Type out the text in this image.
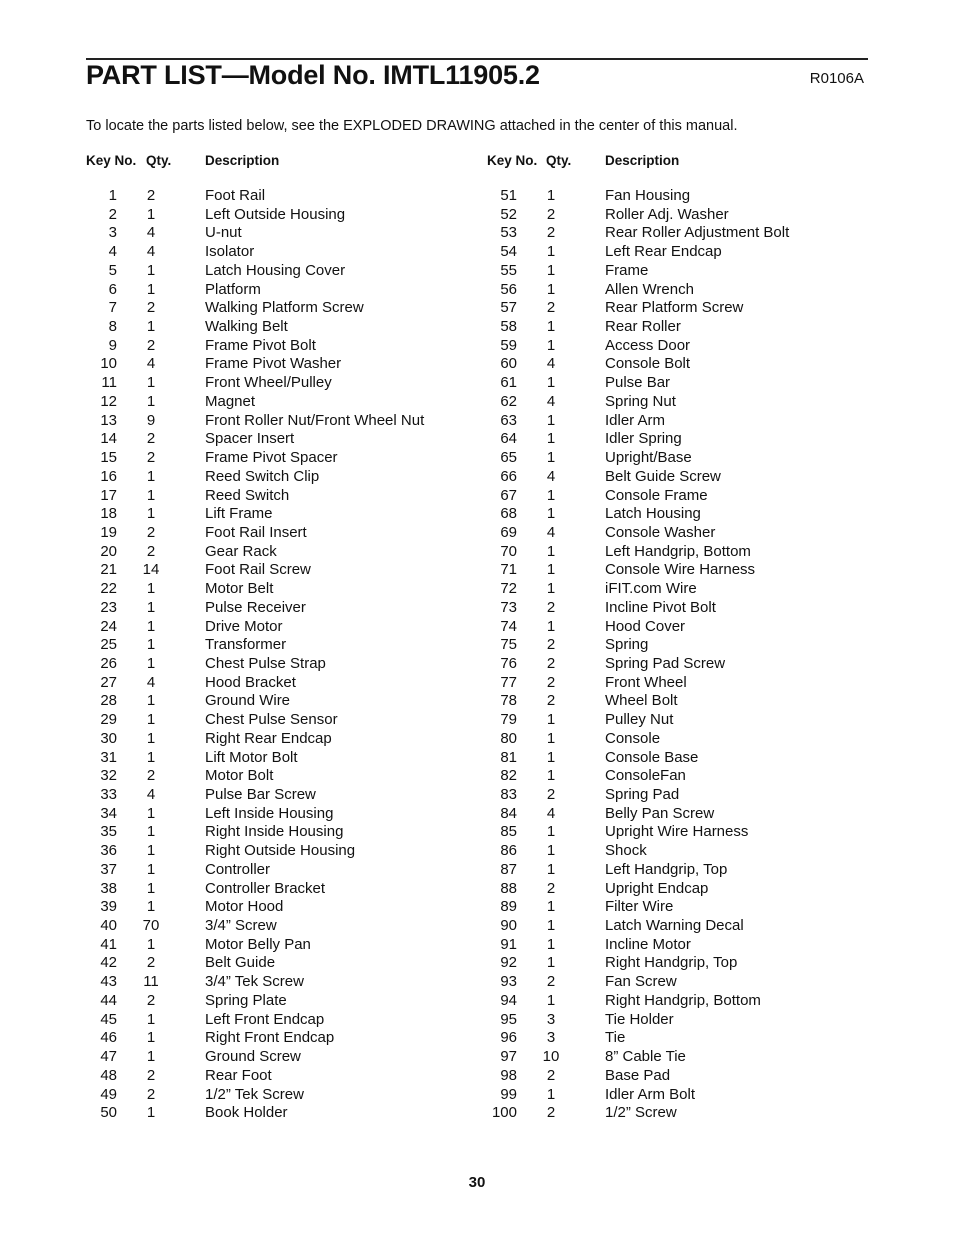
PART LIST—Model No. IMTL11905.2	R0106A
To locate the parts listed below, see the EXPLODED DRAWING attached in the center of this manual.
Key No. Qty. Description	Key No. Qty. Description
1	2	Foot Rail
2	1	Left Outside Housing
3	4	U-nut
4	4	Isolator
5	1	Latch Housing Cover
6	1	Platform
7	2	Walking Platform Screw
8	1	Walking Belt
9	2	Frame Pivot Bolt
10	4	Frame Pivot Washer
11	1	Front Wheel/Pulley
12	1	Magnet
13	9	Front Roller Nut/Front Wheel Nut
14	2	Spacer Insert
15	2	Frame Pivot Spacer
16	1	Reed Switch Clip
17	1	Reed Switch
18	1	Lift Frame
19	2	Foot Rail Insert
20	2	Gear Rack
21	14	Foot Rail Screw
22	1	Motor Belt
23	1	Pulse Receiver
24	1	Drive Motor
25	1	Transformer
26	1	Chest Pulse Strap
27	4	Hood Bracket
28	1	Ground Wire
29	1	Chest Pulse Sensor
30	1	Right Rear Endcap
31	1	Lift Motor Bolt
32	2	Motor Bolt
33	4	Pulse Bar Screw
34	1	Left Inside Housing
35	1	Right Inside Housing
36	1	Right Outside Housing
37	1	Controller
38	1	Controller Bracket
39	1	Motor Hood
40	70	3/4” Screw
41	1	Motor Belly Pan
42	2	Belt Guide
43	11	3/4” Tek Screw
44	2	Spring Plate
45	1	Left Front Endcap
46	1	Right Front Endcap
47	1	Ground Screw
48	2	Rear Foot
49	2	1/2” Tek Screw
50	1	Book Holder
51	1	Fan Housing
52	2	Roller Adj. Washer
53	2	Rear Roller Adjustment Bolt
54	1	Left Rear Endcap
55	1	Frame
56	1	Allen Wrench
57	2	Rear Platform Screw
58	1	Rear Roller
59	1	Access Door
60	4	Console Bolt
61	1	Pulse Bar
62	4	Spring Nut
63	1	Idler Arm
64	1	Idler Spring
65	1	Upright/Base
66	4	Belt Guide Screw
67	1	Console Frame
68	1	Latch Housing
69	4	Console Washer
70	1	Left Handgrip, Bottom
71	1	Console Wire Harness
72	1	iFIT.com Wire
73	2	Incline Pivot Bolt
74	1	Hood Cover
75	2	Spring
76	2	Spring Pad Screw
77	2	Front Wheel
78	2	Wheel Bolt
79	1	Pulley Nut
80	1	Console
81	1	Console Base
82	1	ConsoleFan
83	2	Spring Pad
84	4	Belly Pan Screw
85	1	Upright Wire Harness
86	1	Shock
87	1	Left Handgrip, Top
88	2	Upright Endcap
89	1	Filter Wire
90	1	Latch Warning Decal
91	1	Incline Motor
92	1	Right Handgrip, Top
93	2	Fan Screw
94	1	Right Handgrip, Bottom
95	3	Tie Holder
96	3	Tie
97	10	8” Cable Tie
98	2	Base Pad
99	1	Idler Arm Bolt
100	2	1/2” Screw
30
